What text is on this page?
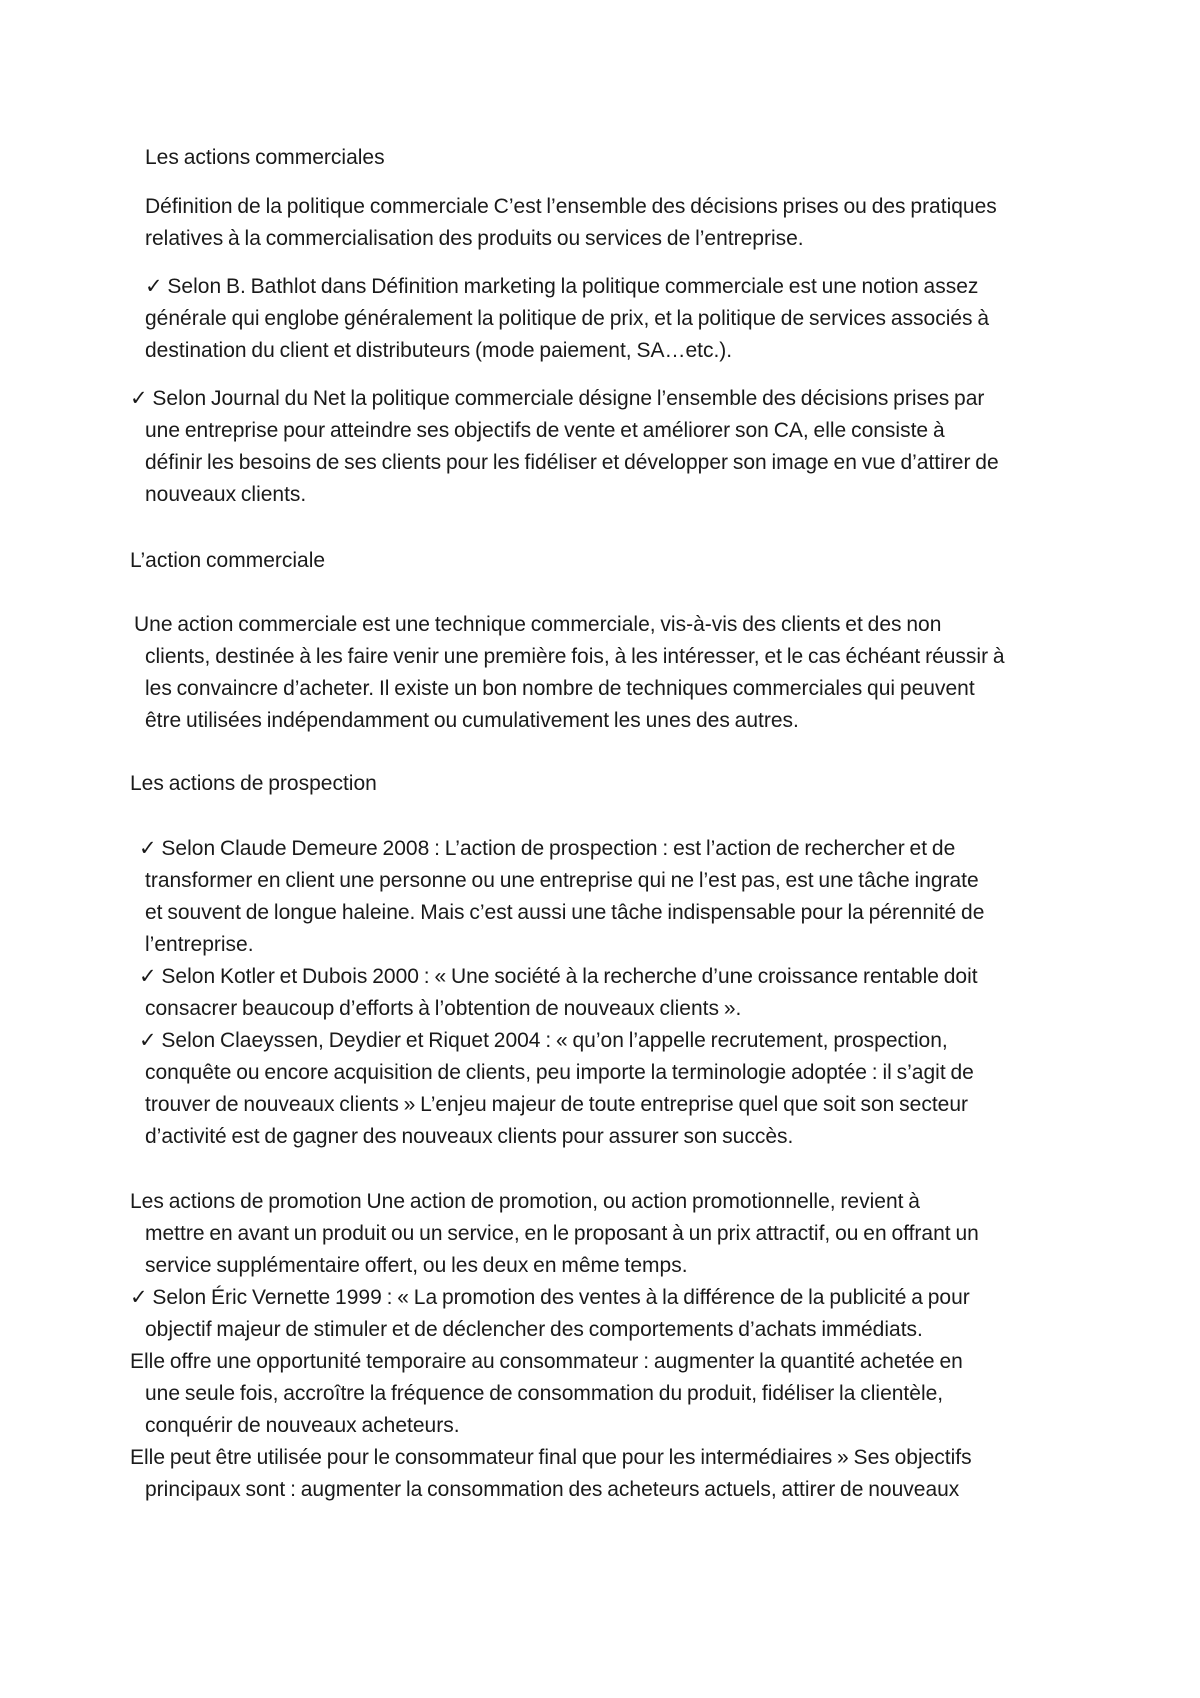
Les actions commerciales
Définition de la politique commerciale C’est l’ensemble des décisions prises ou des pratiques
relatives à la commercialisation des produits ou services de l’entreprise.
✓ Selon B. Bathlot dans Définition marketing la politique commerciale est une notion assez
générale qui englobe généralement la politique de prix, et la politique de services associés à
destination du client et distributeurs (mode paiement, SA…etc.).
✓ Selon Journal du Net la politique commerciale désigne l’ensemble des décisions prises par
une entreprise pour atteindre ses objectifs de vente et améliorer son CA, elle consiste à
définir les besoins de ses clients pour les fidéliser et développer son image en vue d’attirer de
nouveaux clients.
L’action commerciale
Une action commerciale est une technique commerciale, vis-à-vis des clients et des non
clients, destinée à les faire venir une première fois, à les intéresser, et le cas échéant réussir à
les convaincre d’acheter. Il existe un bon nombre de techniques commerciales qui peuvent
être utilisées indépendamment ou cumulativement les unes des autres.
Les actions de prospection
✓ Selon Claude Demeure 2008 : L’action de prospection : est l’action de rechercher et de
transformer en client une personne ou une entreprise qui ne l’est pas, est une tâche ingrate
et souvent de longue haleine. Mais c’est aussi une tâche indispensable pour la pérennité de
l’entreprise.
✓ Selon Kotler et Dubois 2000 : « Une société à la recherche d’une croissance rentable doit
consacrer beaucoup d’efforts à l’obtention de nouveaux clients ».
✓ Selon Claeyssen, Deydier et Riquet 2004 : « qu’on l’appelle recrutement, prospection,
conquête ou encore acquisition de clients, peu importe la terminologie adoptée : il s’agit de
trouver de nouveaux clients » L’enjeu majeur de toute entreprise quel que soit son secteur
d’activité est de gagner des nouveaux clients pour assurer son succès.
Les actions de promotion Une action de promotion, ou action promotionnelle, revient à
mettre en avant un produit ou un service, en le proposant à un prix attractif, ou en offrant un
service supplémentaire offert, ou les deux en même temps.
✓ Selon Éric Vernette 1999 : « La promotion des ventes à la différence de la publicité a pour
objectif majeur de stimuler et de déclencher des comportements d’achats immédiats.
Elle offre une opportunité temporaire au consommateur : augmenter la quantité achetée en
une seule fois, accroître la fréquence de consommation du produit, fidéliser la clientèle,
conquérir de nouveaux acheteurs.
Elle peut être utilisée pour le consommateur final que pour les intermédiaires » Ses objectifs
principaux sont : augmenter la consommation des acheteurs actuels, attirer de nouveaux
